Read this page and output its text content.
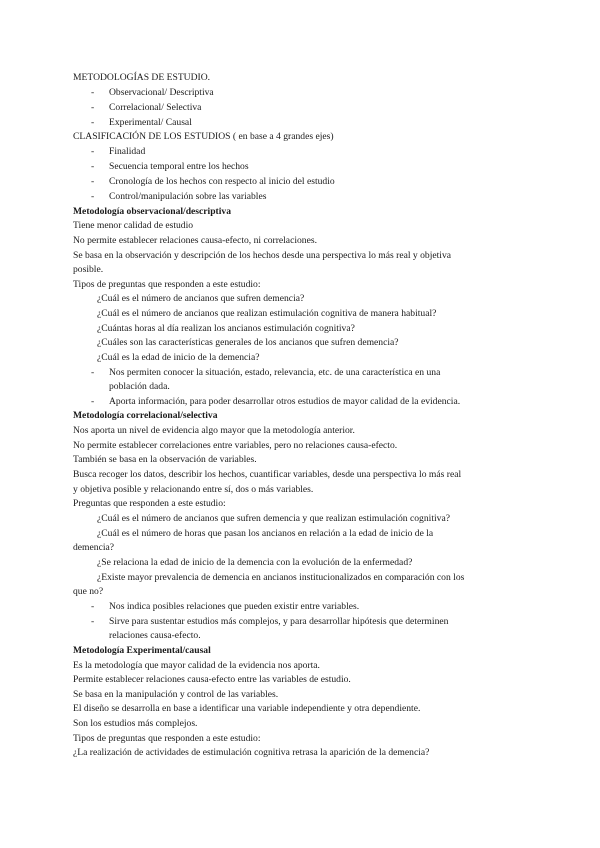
METODOLOGÍAS DE ESTUDIO.
- Observacional/ Descriptiva
- Correlacional/ Selectiva
- Experimental/ Causal
CLASIFICACIÓN DE LOS ESTUDIOS ( en base a 4 grandes ejes)
- Finalidad
- Secuencia temporal entre los hechos
- Cronología de los hechos con respecto al inicio del estudio
- Control/manipulación sobre las variables
Metodología observacional/descriptiva
Tiene menor calidad de estudio
No permite establecer relaciones causa-efecto, ni correlaciones.
Se basa en la observación y descripción de los hechos desde una perspectiva lo más real y objetiva
posible.
Tipos de preguntas que responden a este estudio:
¿Cuál es el número de ancianos que sufren demencia?
¿Cuál es el número de ancianos que realizan estimulación cognitiva de manera habitual?
¿Cuántas horas al día realizan los ancianos estimulación cognitiva?
¿Cuáles son las características generales de los ancianos que sufren demencia?
¿Cuál es la edad de inicio de la demencia?
- Nos permiten conocer la situación, estado, relevancia, etc. de una característica en una
población dada.
- Aporta información, para poder desarrollar otros estudios de mayor calidad de la evidencia.
Metodología correlacional/selectiva
Nos aporta un nivel de evidencia algo mayor que la metodología anterior.
No permite establecer correlaciones entre variables, pero no relaciones causa-efecto.
También se basa en la observación de variables.
Busca recoger los datos, describir los hechos, cuantificar variables, desde una perspectiva lo más real
y objetiva posible y relacionando entre sí, dos o más variables.
Preguntas que responden a este estudio:
¿Cuál es el número de ancianos que sufren demencia y que realizan estimulación cognitiva?
¿Cuál es el número de horas que pasan los ancianos en relación a la edad de inicio de la
demencia?
¿Se relaciona la edad de inicio de la demencia con la evolución de la enfermedad?
¿Existe mayor prevalencia de demencia en ancianos institucionalizados en comparación con los
que no?
- Nos indica posibles relaciones que pueden existir entre variables.
- Sirve para sustentar estudios más complejos, y para desarrollar hipótesis que determinen
relaciones causa-efecto.
Metodología Experimental/causal
Es la metodología que mayor calidad de la evidencia nos aporta.
Permite establecer relaciones causa-efecto entre las variables de estudio.
Se basa en la manipulación y control de las variables.
El diseño se desarrolla en base a identificar una variable independiente y otra dependiente.
Son los estudios más complejos.
Tipos de preguntas que responden a este estudio:
¿La realización de actividades de estimulación cognitiva retrasa la aparición de la demencia?
